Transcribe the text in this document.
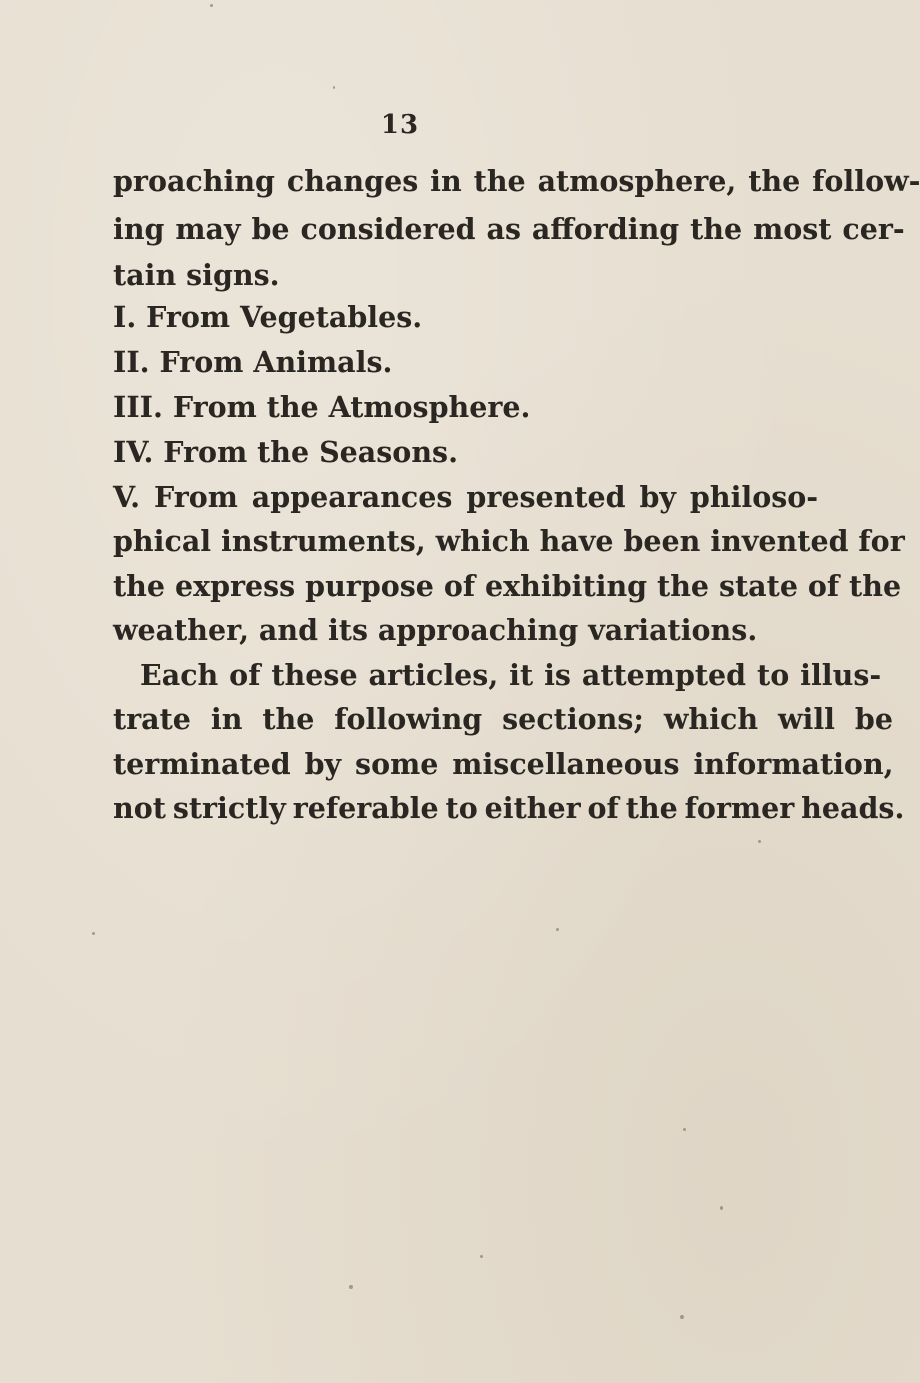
13
proaching changes in the atmosphere, the follow-
ing may be considered as affording the most cer-
tain signs.
I. From Vegetables.
II. From Animals.
III. From the Atmosphere.
IV. From the Seasons.
V. From appearances presented by philoso-
phical instruments, which have been invented for
the express purpose of exhibiting the state of the
weather, and its approaching variations.
Each of these articles, it is attempted to illus-
trate in the following sections; which will be
terminated by some miscellaneous information,
not strictly referable to either of the former heads.
